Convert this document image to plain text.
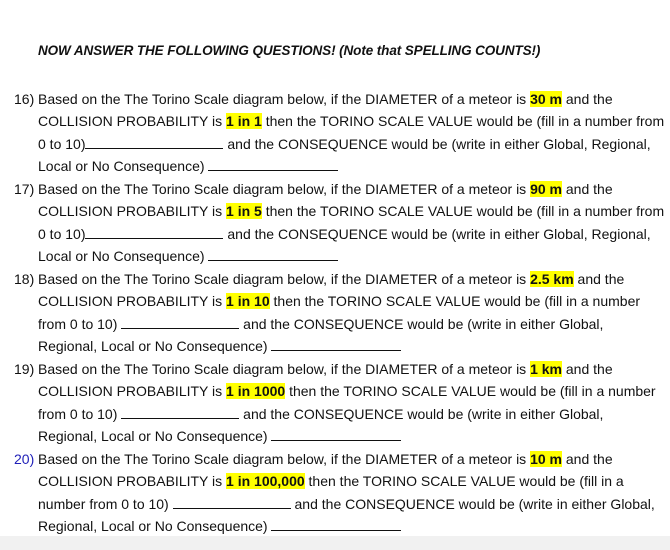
NOW ANSWER THE FOLLOWING QUESTIONS! (Note that SPELLING COUNTS!)
16) Based on the The Torino Scale diagram below, if the DIAMETER of a meteor is 30 m and the COLLISION PROBABILITY is 1 in 1 then the TORINO SCALE VALUE would be (fill in a number from 0 to 10)	and the CONSEQUENCE would be (write in either Global, Regional, Local or No Consequence)
17) Based on the The Torino Scale diagram below, if the DIAMETER of a meteor is 90 m and the COLLISION PROBABILITY is 1 in 5 then the TORINO SCALE VALUE would be (fill in a number from 0 to 10)	and the CONSEQUENCE would be (write in either Global, Regional, Local or No Consequence)
18) Based on the The Torino Scale diagram below, if the DIAMETER of a meteor is 2.5 km and the COLLISION PROBABILITY is 1 in 10 then the TORINO SCALE VALUE would be (fill in a number from 0 to 10)	and the CONSEQUENCE would be (write in either Global, Regional, Local or No Consequence)
19) Based on the The Torino Scale diagram below, if the DIAMETER of a meteor is 1 km and the COLLISION PROBABILITY is 1 in 1000 then the TORINO SCALE VALUE would be (fill in a number from 0 to 10)	and the CONSEQUENCE would be (write in either Global, Regional, Local or No Consequence)
20) Based on the The Torino Scale diagram below, if the DIAMETER of a meteor is 10 m and the COLLISION PROBABILITY is 1 in 100,000 then the TORINO SCALE VALUE would be (fill in a number from 0 to 10)	and the CONSEQUENCE would be (write in either Global, Regional, Local or No Consequence)
